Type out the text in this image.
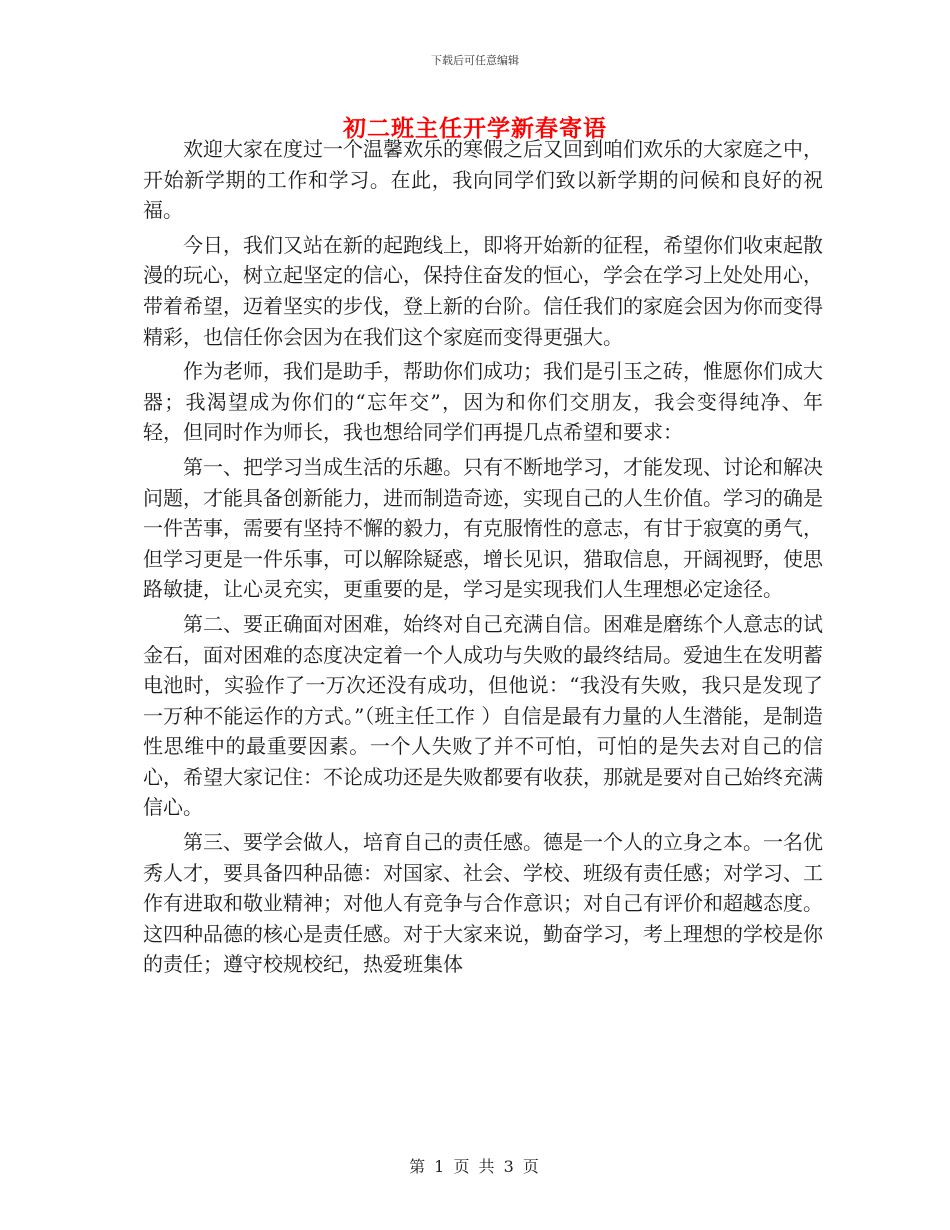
下载后可任意编辑
初二班主任开学新春寄语

欢迎大家在度过一个温馨欢乐的寒假之后又回到咱们欢乐的大家庭之中，开始新学期的工作和学习。在此，我向同学们致以新学期的问候和良好的祝福。

今日，我们又站在新的起跑线上，即将开始新的征程，希望你们收束起散漫的玩心，树立起坚定的信心，保持住奋发的恒心，学会在学习上处处用心，带着希望，迈着坚实的步伐，登上新的台阶。信任我们的家庭会因为你而变得精彩，也信任你会因为在我们这个家庭而变得更强大。

作为老师，我们是助手，帮助你们成功；我们是引玉之砖，惟愿你们成大器；我渴望成为你们的“忘年交”，因为和你们交朋友，我会变得纯净、年轻，但同时作为师长，我也想给同学们再提几点希望和要求：

第一、把学习当成生活的乐趣。只有不断地学习，才能发现、讨论和解决问题，才能具备创新能力，进而制造奇迹，实现自己的人生价值。学习的确是一件苦事，需要有坚持不懈的毅力，有克服惰性的意志，有甘于寂寞的勇气，但学习更是一件乐事，可以解除疑惑，增长见识，猎取信息，开阔视野，使思路敏捷，让心灵充实，更重要的是，学习是实现我们人生理想必定途径。

第二、要正确面对困难，始终对自己充满自信。困难是磨练个人意志的试金石，面对困难的态度决定着一个人成功与失败的最终结局。爱迪生在发明蓄电池时，实验作了一万次还没有成功，但他说：“我没有失败，我只是发现了一万种不能运作的方式。”（班主任工作 ）自信是最有力量的人生潜能，是制造性思维中的最重要因素。一个人失败了并不可怕，可怕的是失去对自己的信心，希望大家记住：不论成功还是失败都要有收获，那就是要对自己始终充满信心。

第三、要学会做人，培育自己的责任感。德是一个人的立身之本。一名优秀人才，要具备四种品德：对国家、社会、学校、班级有责任感；对学习、工作有进取和敬业精神；对他人有竞争与合作意识；对自己有评价和超越态度。这四种品德的核心是责任感。对于大家来说，勤奋学习，考上理想的学校是你的责任；遵守校规校纪，热爱班集体

第 1 页 共 3 页
